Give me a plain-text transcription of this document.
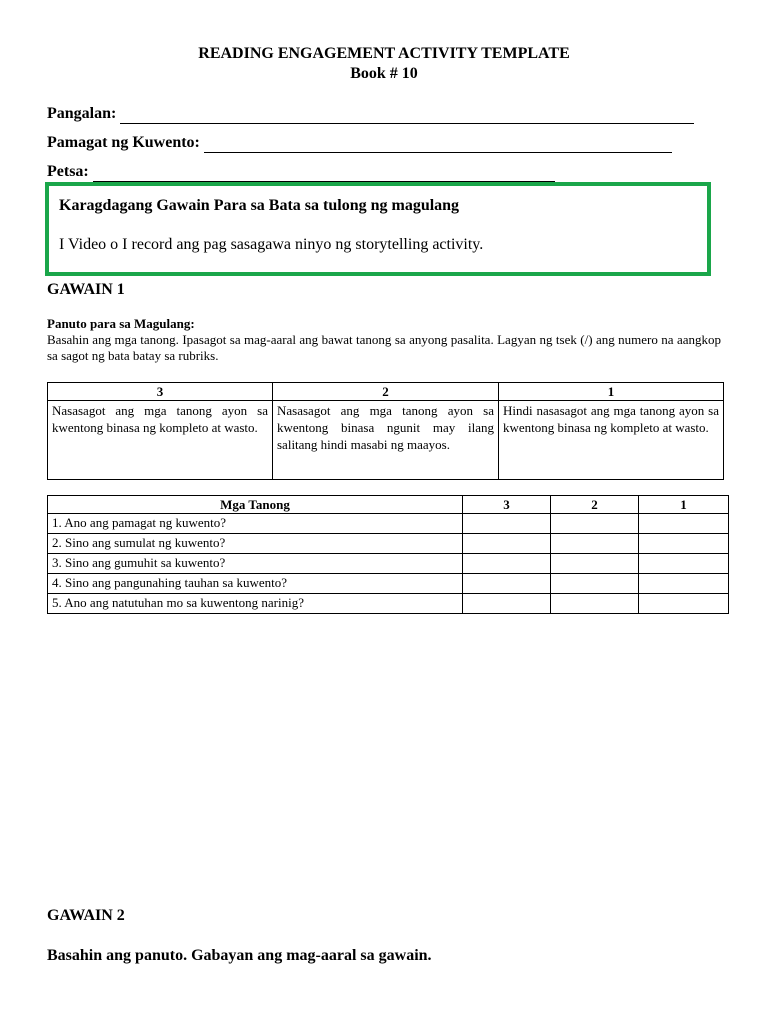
READING ENGAGEMENT ACTIVITY TEMPLATE
Book # 10
Pangalan:
Pamagat ng Kuwento:
Petsa:
Karagdagang Gawain Para sa Bata sa tulong ng magulang
I Video o I record ang pag sasagawa ninyo ng storytelling activity.
GAWAIN 1
Panuto para sa Magulang:
Basahin ang mga tanong. Ipasagot sa mag-aaral ang bawat tanong sa anyong pasalita. Lagyan ng tsek (/) ang numero na aangkop sa sagot ng bata batay sa rubriks.
3	2	1
Nasasagot ang mga tanong ayon sa kwentong binasa ng kompleto at wasto.	Nasasagot ang mga tanong ayon sa kwentong binasa ngunit may ilang salitang hindi masabi ng maayos.	Hindi nasasagot ang mga tanong ayon sa kwentong binasa ng kompleto at wasto.
Mga Tanong	3	2	1
1. Ano ang pamagat ng kuwento?			
2. Sino ang sumulat ng kuwento?			
3. Sino ang gumuhit sa kuwento?			
4. Sino ang pangunahing tauhan sa kuwento?			
5. Ano ang natutuhan mo sa kuwentong narinig?			
GAWAIN 2
Basahin ang panuto. Gabayan ang mag-aaral sa gawain.
